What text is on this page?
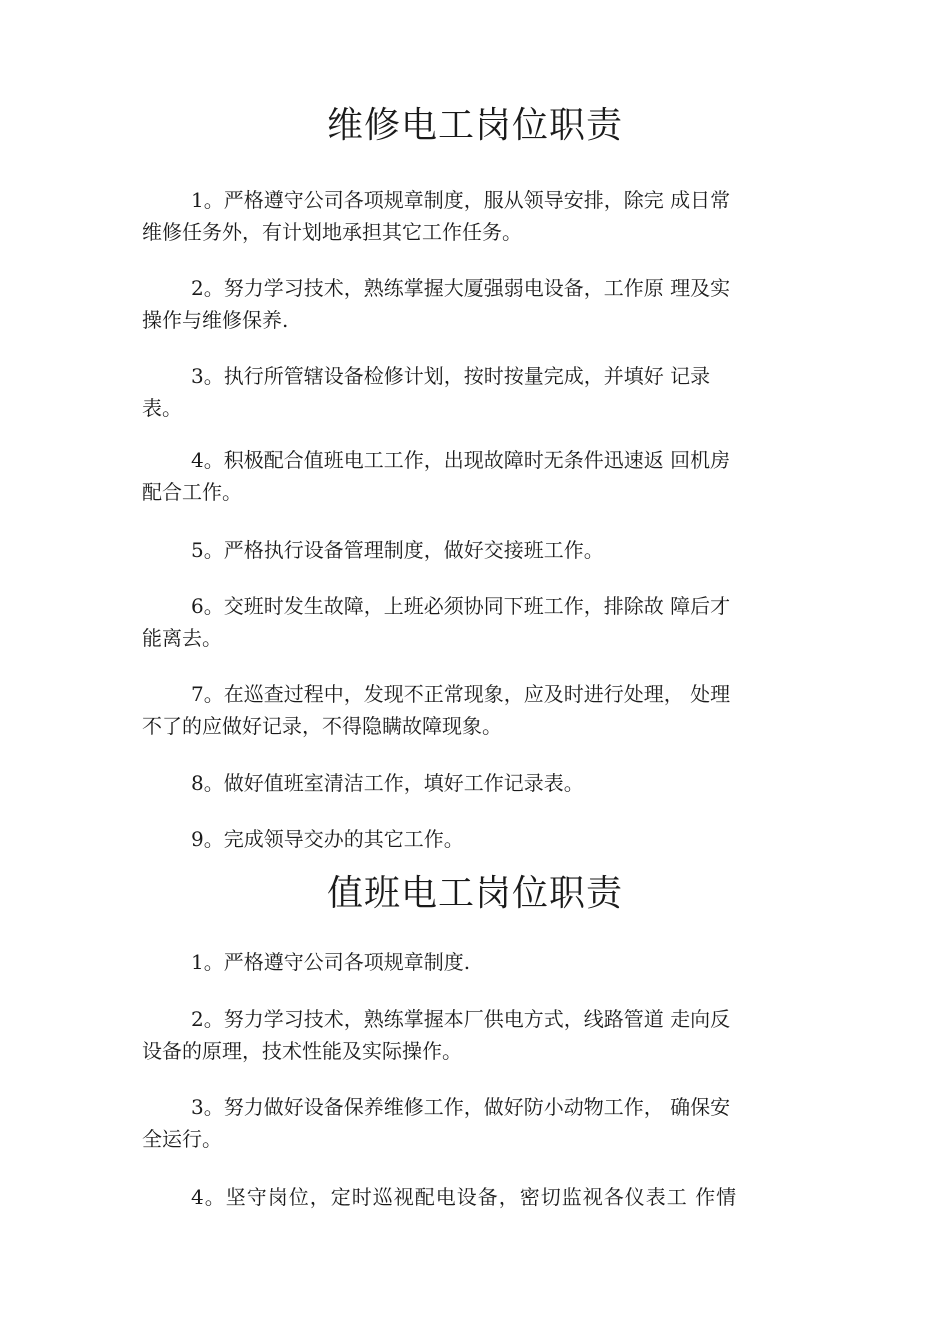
维修电工岗位职责

1。严格遵守公司各项规章制度，服从领导安排，除完 成日常
维修任务外，有计划地承担其它工作任务。

2。努力学习技术，熟练掌握大厦强弱电设备，工作原 理及实
操作与维修保养.

3。执行所管辖设备检修计划，按时按量完成，并填好 记录
表。

4。积极配合值班电工工作，出现故障时无条件迅速返 回机房
配合工作。

5。严格执行设备管理制度，做好交接班工作。

6。交班时发生故障，上班必须协同下班工作，排除故 障后才
能离去。

7。在巡查过程中，发现不正常现象，应及时进行处理， 处理
不了的应做好记录，不得隐瞒故障现象。

8。做好值班室清洁工作，填好工作记录表。

9。完成领导交办的其它工作。

值班电工岗位职责

1。严格遵守公司各项规章制度.

2。努力学习技术，熟练掌握本厂供电方式，线路管道 走向反
设备的原理，技术性能及实际操作。

3。努力做好设备保养维修工作，做好防小动物工作， 确保安
全运行。

4。坚守岗位，定时巡视配电设备，密切监视各仪表工 作情
